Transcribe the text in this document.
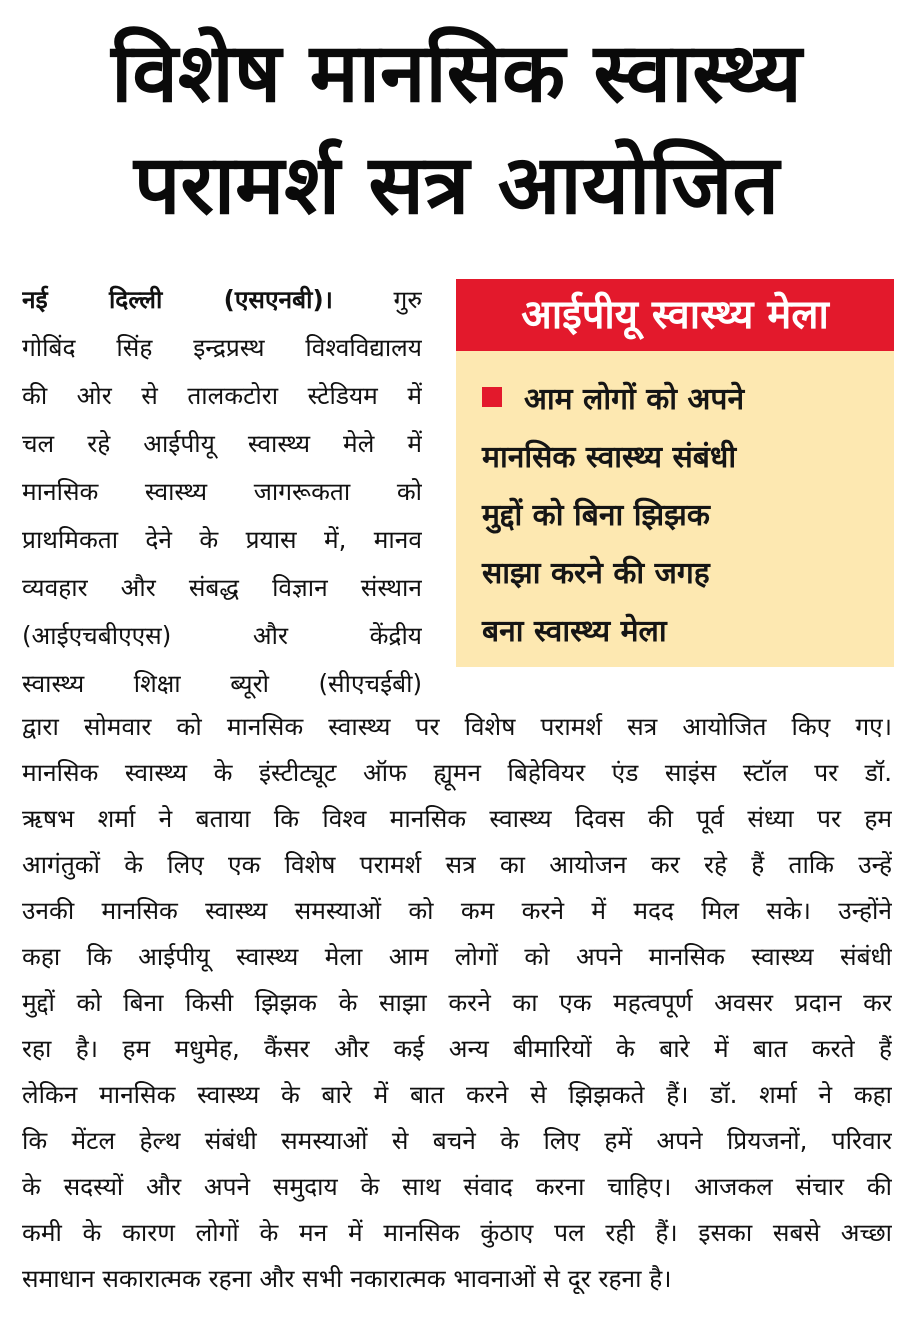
विशेष मानसिक स्वास्थ्य
परामर्श सत्र आयोजित
नई दिल्ली (एसएनबी)। गुरु
गोबिंद सिंह इन्द्रप्रस्थ विश्वविद्यालय
की ओर से तालकटोरा स्टेडियम में
चल रहे आईपीयू स्वास्थ्य मेले में
मानसिक स्वास्थ्य जागरूकता को
प्राथमिकता देने के प्रयास में, मानव
व्यवहार और संबद्ध विज्ञान संस्थान
(आईएचबीएएस) और केंद्रीय
स्वास्थ्य शिक्षा ब्यूरो (सीएचईबी)
आईपीयू स्वास्थ्य मेला
आम लोगों को अपने
मानसिक स्वास्थ्य संबंधी
मुद्दों को बिना झिझक
साझा करने की जगह
बना स्वास्थ्य मेला
द्वारा सोमवार को मानसिक स्वास्थ्य पर विशेष परामर्श सत्र आयोजित किए गए।
मानसिक स्वास्थ्य के इंस्टीट्यूट ऑफ ह्यूमन बिहेवियर एंड साइंस स्टॉल पर डॉ.
ऋषभ शर्मा ने बताया कि विश्व मानसिक स्वास्थ्य दिवस की पूर्व संध्या पर हम
आगंतुकों के लिए एक विशेष परामर्श सत्र का आयोजन कर रहे हैं ताकि उन्हें
उनकी मानसिक स्वास्थ्य समस्याओं को कम करने में मदद मिल सके। उन्होंने
कहा कि आईपीयू स्वास्थ्य मेला आम लोगों को अपने मानसिक स्वास्थ्य संबंधी
मुद्दों को बिना किसी झिझक के साझा करने का एक महत्वपूर्ण अवसर प्रदान कर
रहा है। हम मधुमेह, कैंसर और कई अन्य बीमारियों के बारे में बात करते हैं
लेकिन मानसिक स्वास्थ्य के बारे में बात करने से झिझकते हैं। डॉ. शर्मा ने कहा
कि मेंटल हेल्थ संबंधी समस्याओं से बचने के लिए हमें अपने प्रियजनों, परिवार
के सदस्यों और अपने समुदाय के साथ संवाद करना चाहिए। आजकल संचार की
कमी के कारण लोगों के मन में मानसिक कुंठाए पल रही हैं। इसका सबसे अच्छा
समाधान सकारात्मक रहना और सभी नकारात्मक भावनाओं से दूर रहना है।
